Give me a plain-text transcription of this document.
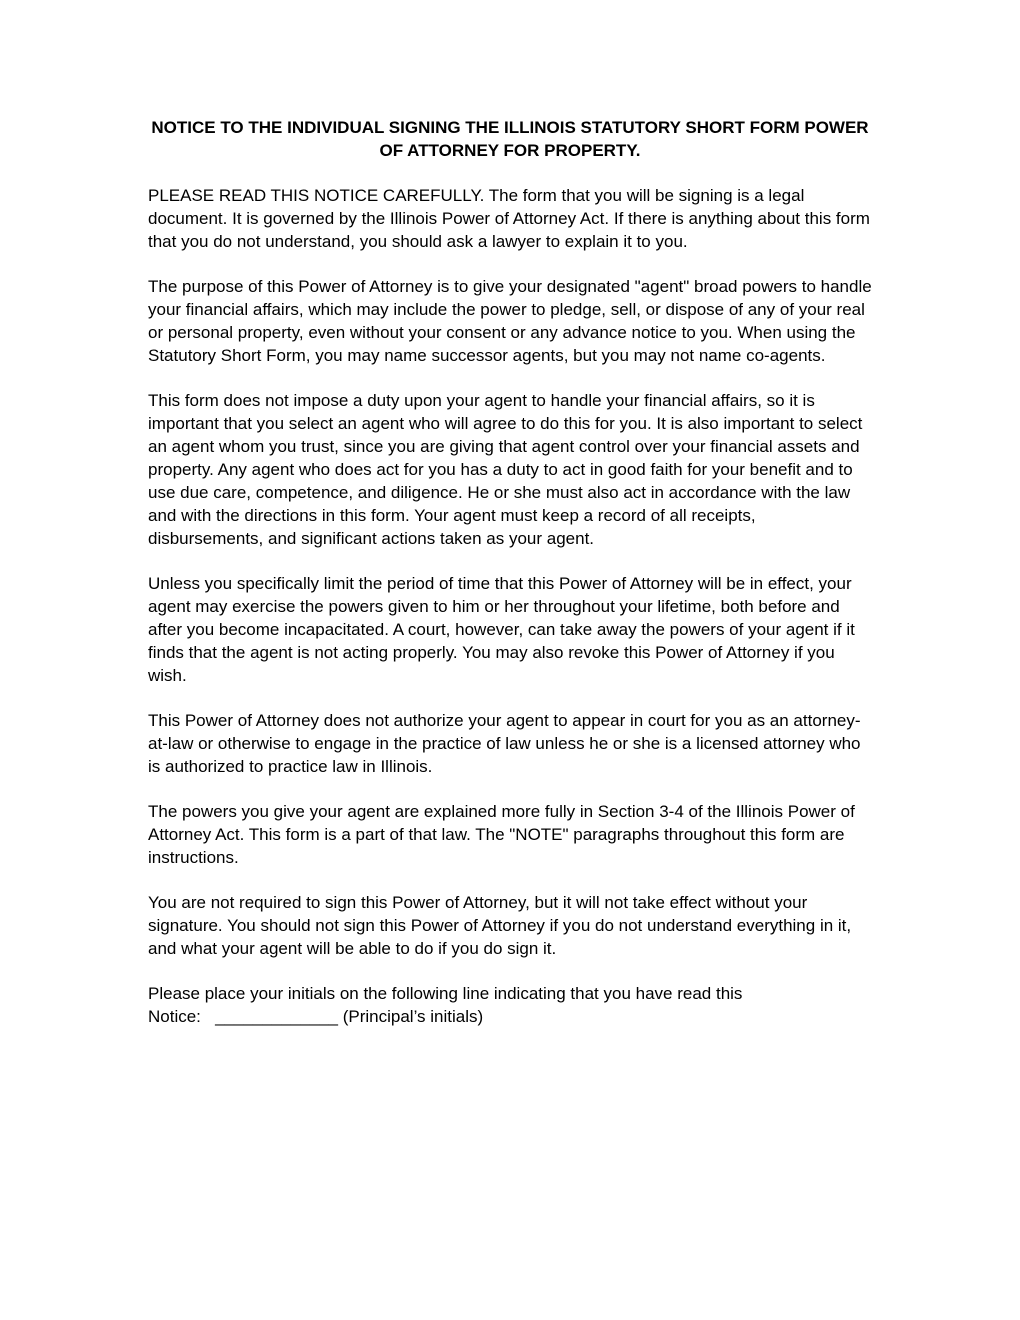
NOTICE TO THE INDIVIDUAL SIGNING THE ILLINOIS STATUTORY SHORT FORM POWER OF ATTORNEY FOR PROPERTY.

PLEASE READ THIS NOTICE CAREFULLY. The form that you will be signing is a legal document. It is governed by the Illinois Power of Attorney Act. If there is anything about this form that you do not understand, you should ask a lawyer to explain it to you.

The purpose of this Power of Attorney is to give your designated "agent" broad powers to handle your financial affairs, which may include the power to pledge, sell, or dispose of any of your real or personal property, even without your consent or any advance notice to you. When using the Statutory Short Form, you may name successor agents, but you may not name co-agents.

This form does not impose a duty upon your agent to handle your financial affairs, so it is important that you select an agent who will agree to do this for you. It is also important to select an agent whom you trust, since you are giving that agent control over your financial assets and property. Any agent who does act for you has a duty to act in good faith for your benefit and to use due care, competence, and diligence. He or she must also act in accordance with the law and with the directions in this form. Your agent must keep a record of all receipts, disbursements, and significant actions taken as your agent.

Unless you specifically limit the period of time that this Power of Attorney will be in effect, your agent may exercise the powers given to him or her throughout your lifetime, both before and after you become incapacitated. A court, however, can take away the powers of your agent if it finds that the agent is not acting properly. You may also revoke this Power of Attorney if you wish.

This Power of Attorney does not authorize your agent to appear in court for you as an attorney-at-law or otherwise to engage in the practice of law unless he or she is a licensed attorney who is authorized to practice law in Illinois.

The powers you give your agent are explained more fully in Section 3-4 of the Illinois Power of Attorney Act. This form is a part of that law. The "NOTE" paragraphs throughout this form are instructions.

You are not required to sign this Power of Attorney, but it will not take effect without your signature. You should not sign this Power of Attorney if you do not understand everything in it, and what your agent will be able to do if you do sign it.

Please place your initials on the following line indicating that you have read this

Notice:   _____________ (Principal’s initials)
